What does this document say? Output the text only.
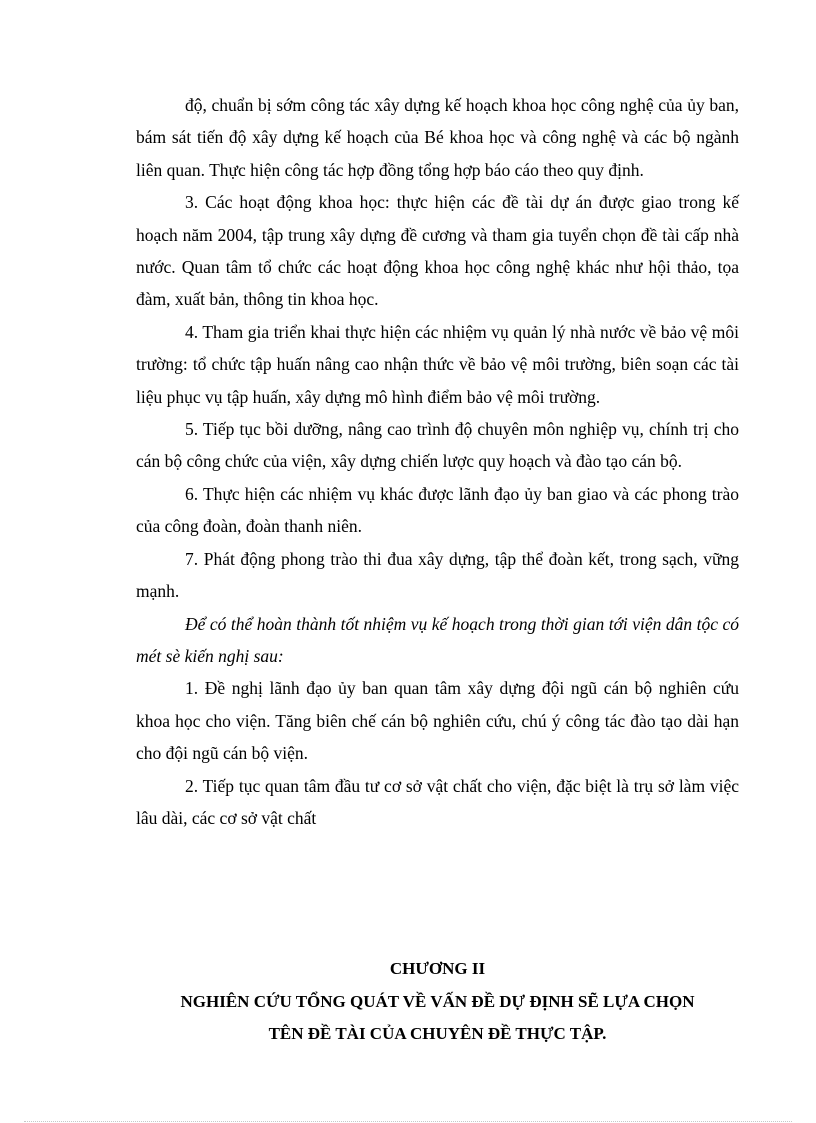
độ, chuẩn bị sớm công tác xây dựng kế hoạch khoa học công nghệ của ủy ban, bám sát tiến độ xây dựng kế hoạch của Bé khoa học và công nghệ và các bộ ngành liên quan. Thực hiện công tác hợp đồng tổng hợp báo cáo theo quy định.

3. Các hoạt động khoa học: thực hiện các đề tài dự án được giao trong kế hoạch năm 2004, tập trung xây dựng đề cương và tham gia tuyển chọn đề tài cấp nhà nước. Quan tâm tổ chức các hoạt động khoa học công nghệ khác như hội thảo, tọa đàm, xuất bản, thông tin khoa học.

4. Tham gia triển khai thực hiện các nhiệm vụ quản lý nhà nước về bảo vệ môi trường: tổ chức tập huấn nâng cao nhận thức về bảo vệ môi trường, biên soạn các tài liệu phục vụ tập huấn, xây dựng mô hình điểm bảo vệ môi trường.

5. Tiếp tục bồi dưỡng, nâng cao trình độ chuyên môn nghiệp vụ, chính trị cho cán bộ công chức của viện, xây dựng chiến lược quy hoạch và đào tạo cán bộ.

6. Thực hiện các nhiệm vụ khác được lãnh đạo ủy ban giao và các phong trào của công đoàn, đoàn thanh niên.

7. Phát động phong trào thi đua xây dựng, tập thể đoàn kết, trong sạch, vững mạnh.

Để có thể hoàn thành tốt nhiệm vụ kế hoạch trong thời gian tới viện dân tộc có mét sè kiến nghị sau:

1. Đề nghị lãnh đạo ủy ban quan tâm xây dựng đội ngũ cán bộ nghiên cứu khoa học cho viện. Tăng biên chế cán bộ nghiên cứu, chú ý công tác đào tạo dài hạn cho đội ngũ cán bộ viện.

2. Tiếp tục quan tâm đầu tư cơ sở vật chất cho viện, đặc biệt là trụ sở làm việc lâu dài, các cơ sở vật chất

CHƯƠNG II
NGHIÊN CỨU TỔNG QUÁT VỀ VẤN ĐỀ DỰ ĐỊNH SẼ LỰA CHỌN
TÊN ĐỀ TÀI CỦA CHUYÊN ĐỀ THỰC TẬP.
